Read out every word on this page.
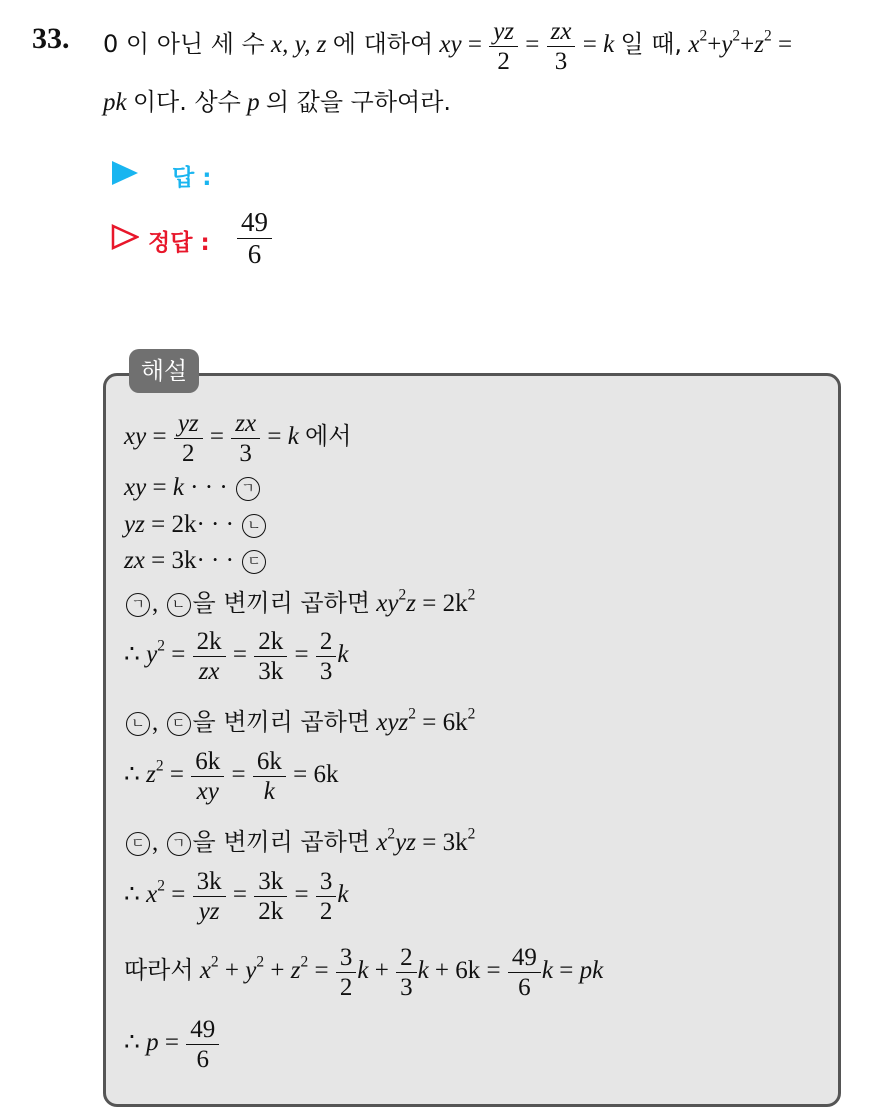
33. 0 이 아닌 세 수 x, y, z 에 대하여 xy = $\frac{yz}{2} = \frac{zx}{3} = k$ 일 때, $x^2+y^2+z^2$ =
pk 이다. 상수 p 의 값을 구하여라.
답 :
정답 : $\frac{49}{6}$
해설
xy = $\frac{yz}{2} = \frac{zx}{3} = k$ 에서
xy = k · · · ㄱ
yz = 2k· · · ㄴ
zx = 3k· · · ㄷ
ㄱ , ㄴ 을 변끼리 곱하면 $xy^2z = 2k^2$
∴ $y^2 = \frac{2k}{zx} = \frac{2k}{3k} = \frac{2}{3}$ k
ㄴ , ㄷ 을 변끼리 곱하면 $xyz^2 = 6k^2$
∴ $z^2 = \frac{6k}{xy} = \frac{6k}{k} = 6k$
ㄷ , ㄱ 을 변끼리 곱하면 $x^2yz = 3k^2$
∴ $x^2 = \frac{3k}{yz} = \frac{3k}{2k} = \frac{3}{2}$ k
따라서 $x^2 + y^2 + z^2 = \frac{3}{2}$ $k + \frac{2}{3}$ $k + 6k = \frac{49}{6}$ k = pk
∴ $p = \frac{49}{6}$
